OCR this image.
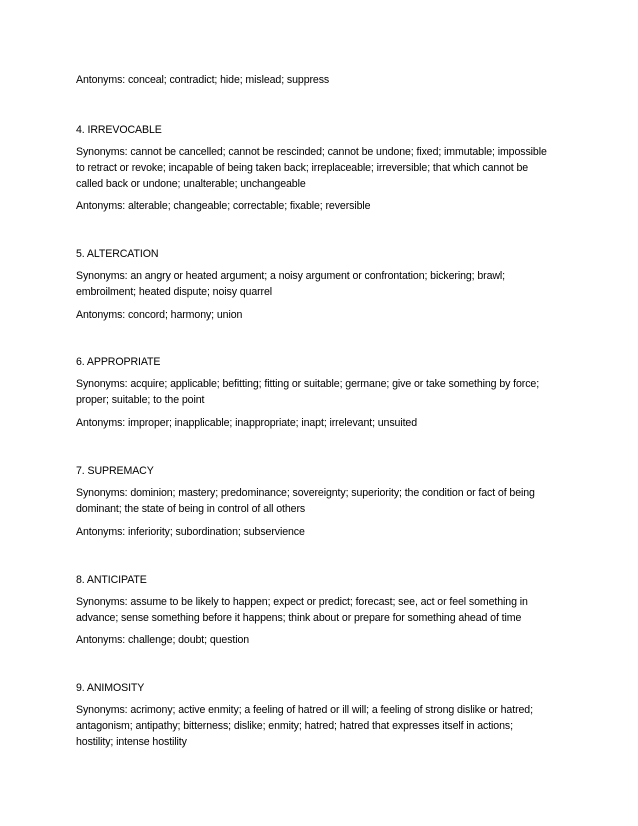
Antonyms: conceal; contradict; hide; mislead; suppress

4. IRREVOCABLE

Synonyms: cannot be cancelled; cannot be rescinded; cannot be undone; fixed; immutable; impossible

to retract or revoke; incapable of being taken back; irreplaceable; irreversible; that which cannot be

called back or undone; unalterable; unchangeable

Antonyms: alterable; changeable; correctable; fixable; reversible

5. ALTERCATION

Synonyms: an angry or heated argument; a noisy argument or confrontation; bickering; brawl;

embroilment; heated dispute; noisy quarrel

Antonyms: concord; harmony; union

6. APPROPRIATE

Synonyms: acquire; applicable; befitting; fitting or suitable; germane; give or take something by force;

proper; suitable; to the point

Antonyms: improper; inapplicable; inappropriate; inapt; irrelevant; unsuited

7. SUPREMACY

Synonyms: dominion; mastery; predominance; sovereignty; superiority; the condition or fact of being

dominant; the state of being in control of all others

Antonyms: inferiority; subordination; subservience

8. ANTICIPATE

Synonyms: assume to be likely to happen; expect or predict; forecast; see, act or feel something in

advance; sense something before it happens; think about or prepare for something ahead of time

Antonyms: challenge; doubt; question

9. ANIMOSITY

Synonyms: acrimony; active enmity; a feeling of hatred or ill will; a feeling of strong dislike or hatred;

antagonism; antipathy; bitterness; dislike; enmity; hatred; hatred that expresses itself in actions;

hostility; intense hostility
